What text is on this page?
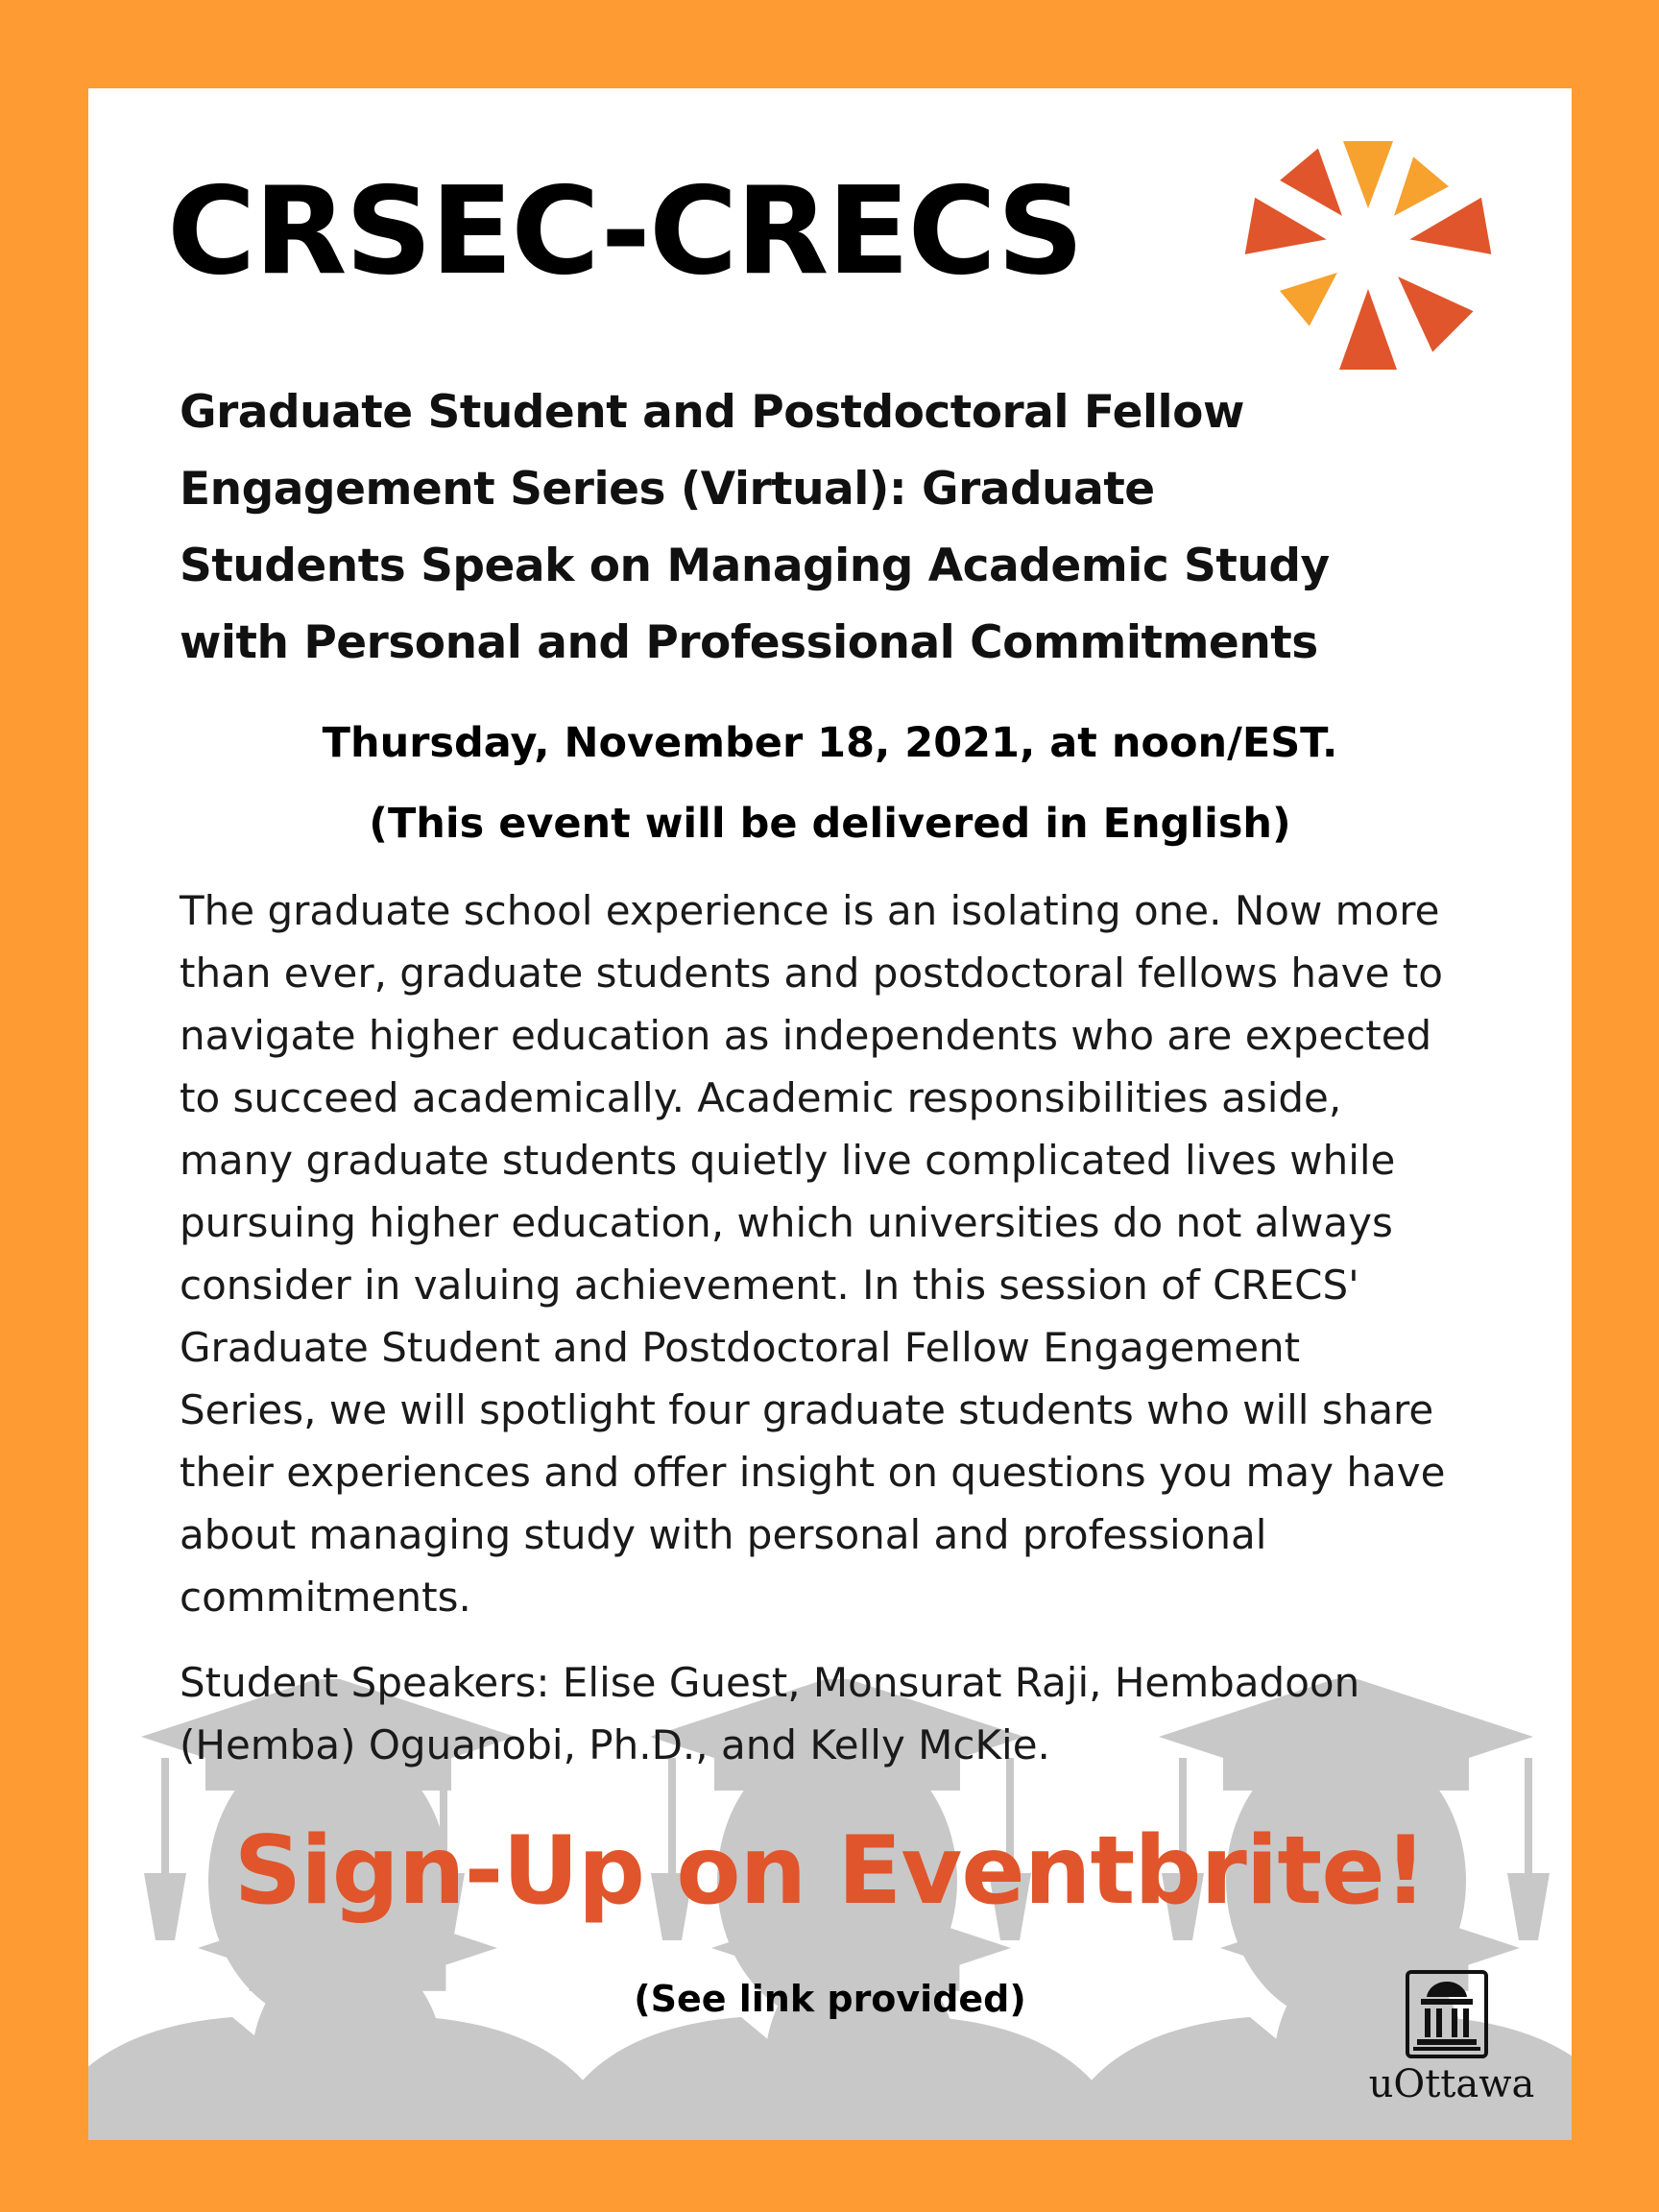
CRSEC-CRECS
Graduate Student and Postdoctoral Fellow
Engagement Series (Virtual): Graduate
Students Speak on Managing Academic Study
with Personal and Professional Commitments
Thursday, November 18, 2021, at noon/EST.
(This event will be delivered in English)

The graduate school experience is an isolating one. Now more
than ever, graduate students and postdoctoral fellows have to
navigate higher education as independents who are expected
to succeed academically. Academic responsibilities aside,
many graduate students quietly live complicated lives while
pursuing higher education, which universities do not always
consider in valuing achievement. In this session of CRECS'
Graduate Student and Postdoctoral Fellow Engagement
Series, we will spotlight four graduate students who will share
their experiences and offer insight on questions you may have
about managing study with personal and professional
commitments.

Student Speakers: Elise Guest, Monsurat Raji, Hembadoon
(Hemba) Oguanobi, Ph.D., and Kelly McKie.

Sign-Up on Eventbrite!
(See link provided)
uOttawa
